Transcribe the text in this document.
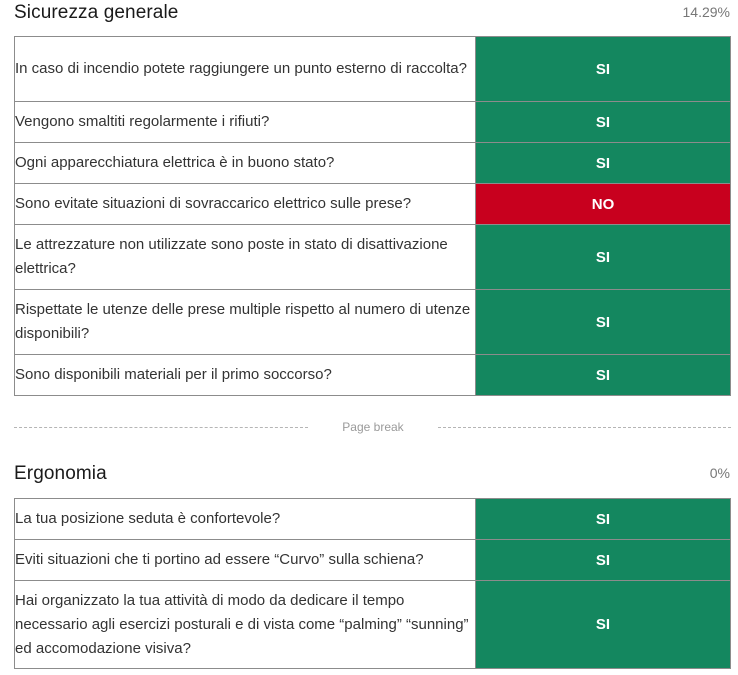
Sicurezza generale	14.29%
In caso di incendio potete raggiungere un punto esterno di raccolta?	SI
Vengono smaltiti regolarmente i rifiuti?	SI
Ogni apparecchiatura elettrica è in buono stato?	SI
Sono evitate situazioni di sovraccarico elettrico sulle prese?	NO
Le attrezzature non utilizzate sono poste in stato di disattivazione elettrica?	SI
Rispettate le utenze delle prese multiple rispetto al numero di utenze disponibili?	SI
Sono disponibili materiali per il primo soccorso?	SI
Page break
Ergonomia	0%
La tua posizione seduta è confortevole?	SI
Eviti situazioni che ti portino ad essere “Curvo” sulla schiena?	SI
Hai organizzato la tua attività di modo da dedicare il tempo necessario agli esercizi posturali e di vista come “palming” “sunning” ed accomodazione visiva?	SI
